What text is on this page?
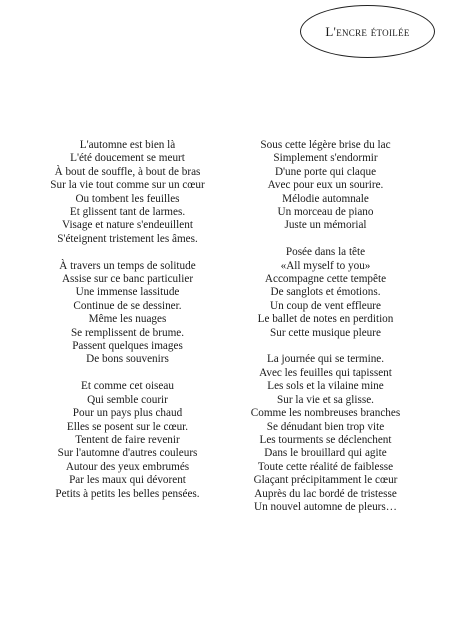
L'encre étoilée
L'automne est bien là
L'été doucement se meurt
À bout de souffle, à bout de bras
Sur la vie tout comme sur un cœur
Ou tombent les feuilles
Et glissent tant de larmes.
Visage et nature s'endeuillent
S'éteignent tristement les âmes.
À travers un temps de solitude
Assise sur ce banc particulier
Une immense lassitude
Continue de se dessiner.
Même les nuages
Se remplissent de brume.
Passent quelques images
De bons souvenirs
Et comme cet oiseau
Qui semble courir
Pour un pays plus chaud
Elles se posent sur le cœur.
Tentent de faire revenir
Sur l'automne d'autres couleurs
Autour des yeux embrumés
Par les maux qui dévorent
Petits à petits les belles pensées.
Sous cette légère brise du lac
Simplement s'endormir
D'une porte qui claque
Avec pour eux un sourire.
Mélodie automnale
Un morceau de piano
Juste un mémorial
Posée dans la tête
«All myself to you»
Accompagne cette tempête
De sanglots et émotions.
Un coup de vent effleure
Le ballet de notes en perdition
Sur cette musique pleure
La journée qui se termine.
Avec les feuilles qui tapissent
Les sols et la vilaine mine
Sur la vie et sa glisse.
Comme les nombreuses branches
Se dénudant bien trop vite
Les tourments se déclenchent
Dans le brouillard qui agite
Toute cette réalité de faiblesse
Glaçant précipitamment le cœur
Auprès du lac bordé de tristesse
Un nouvel automne de pleurs…
